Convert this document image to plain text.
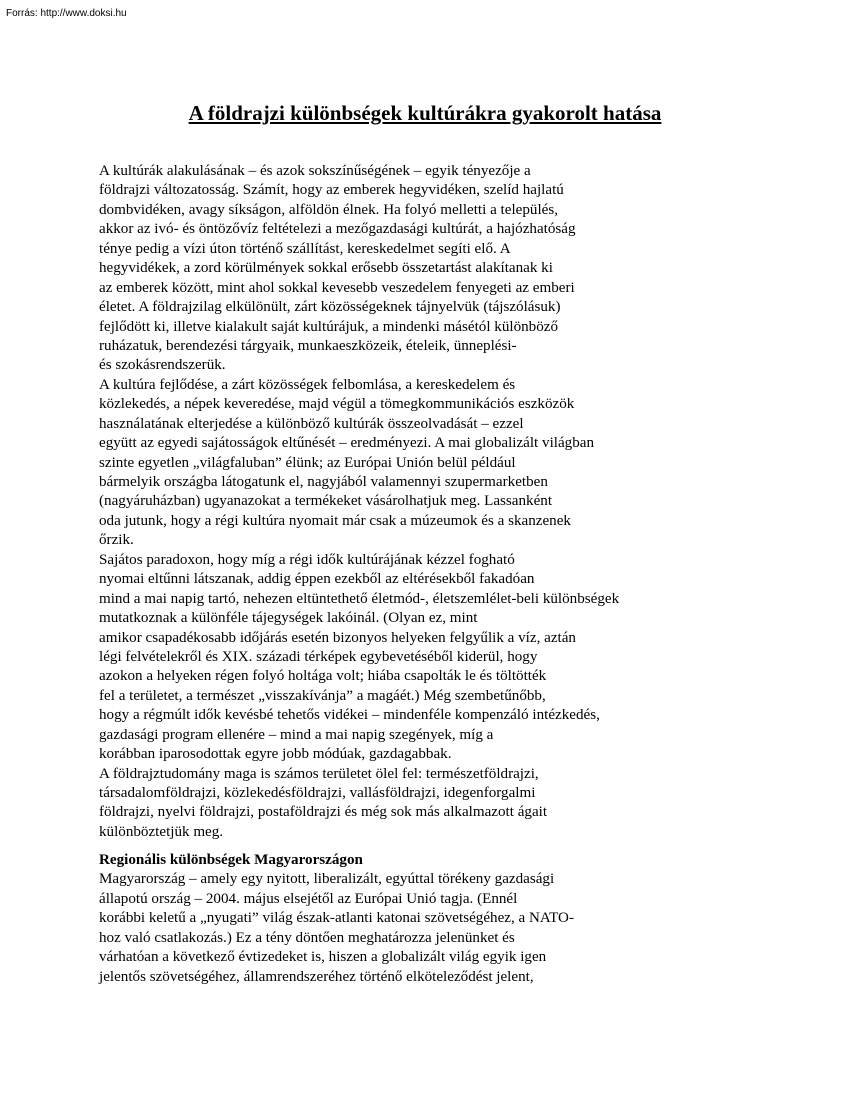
Forrás: http://www.doksi.hu
A földrajzi különbségek kultúrákra gyakorolt hatása
A kultúrák alakulásának – és azok sokszínűségének – egyik tényezője a
földrajzi változatosság. Számít, hogy az emberek hegyvidéken, szelíd hajlatú
dombvidéken, avagy síkságon, alföldön élnek. Ha folyó melletti a település,
akkor az ivó- és öntözővíz feltételezi a mezőgazdasági kultúrát, a hajózhatóság
ténye pedig a vízi úton történő szállítást, kereskedelmet segíti elő. A
hegyvidékek, a zord körülmények sokkal erősebb összetartást alakítanak ki
az emberek között, mint ahol sokkal kevesebb veszedelem fenyegeti az emberi
életet. A földrajzilag elkülönült, zárt közösségeknek tájnyelvük (tájszólásuk)
fejlődött ki, illetve kialakult saját kultúrájuk, a mindenki másétól különböző
ruházatuk, berendezési tárgyaik, munkaeszközeik, ételeik, ünneplési-
és szokásrendszerük.
A kultúra fejlődése, a zárt közösségek felbomlása, a kereskedelem és
közlekedés, a népek keveredése, majd végül a tömegkommunikációs eszközök
használatának elterjedése a különböző kultúrák összeolvadását – ezzel
együtt az egyedi sajátosságok eltűnését – eredményezi. A mai globalizált világban
szinte egyetlen „világfaluban” élünk; az Európai Unión belül például
bármelyik országba látogatunk el, nagyjából valamennyi szupermarketben
(nagyáruházban) ugyanazokat a termékeket vásárolhatjuk meg. Lassanként
oda jutunk, hogy a régi kultúra nyomait már csak a múzeumok és a skanzenek
őrzik.
Sajátos paradoxon, hogy míg a régi idők kultúrájának kézzel fogható
nyomai eltűnni látszanak, addig éppen ezekből az eltérésekből fakadóan
mind a mai napig tartó, nehezen eltüntethető életmód-, életszemlélet-beli különbségek
mutatkoznak a különféle tájegységek lakóinál. (Olyan ez, mint
amikor csapadékosabb időjárás esetén bizonyos helyeken felgyűlik a víz, aztán
légi felvételekről és XIX. századi térképek egybevetéséből kiderül, hogy
azokon a helyeken régen folyó holtága volt; hiába csapolták le és töltötték
fel a területet, a természet „visszakívánja” a magáét.) Még szembetűnőbb,
hogy a régmúlt idők kevésbé tehetős vidékei – mindenféle kompenzáló intézkedés,
gazdasági program ellenére – mind a mai napig szegények, míg a
korábban iparosodottak egyre jobb módúak, gazdagabbak.
A földrajztudomány maga is számos területet ölel fel: természetföldrajzi,
társadalomföldrajzi, közlekedésföldrajzi, vallásföldrajzi, idegenforgalmi
földrajzi, nyelvi földrajzi, postaföldrajzi és még sok más alkalmazott ágait
különböztetjük meg.
Regionális különbségek Magyarországon
Magyarország – amely egy nyitott, liberalizált, egyúttal törékeny gazdasági
állapotú ország – 2004. május elsejétől az Európai Unió tagja. (Ennél
korábbi keletű a „nyugati” világ észak-atlanti katonai szövetségéhez, a NATO-
hoz való csatlakozás.) Ez a tény döntően meghatározza jelenünket és
várhatóan a következő évtizedeket is, hiszen a globalizált világ egyik igen
jelentős szövetségéhez, államrendszeréhez történő elköteleződést jelent,
